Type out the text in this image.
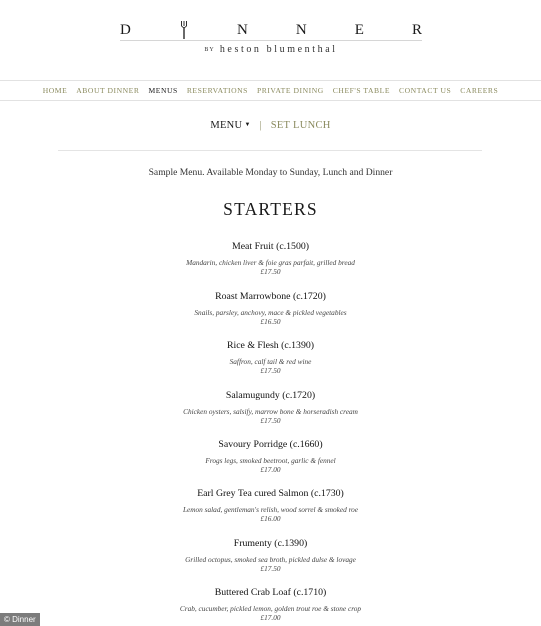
D	N	N	E	R
BY heston blumenthal
HOME ABOUT DINNER MENUS RESERVATIONS PRIVATE DINING CHEF'S TABLE CONTACT US CAREERS
MENU ▼ | SET LUNCH
Sample Menu. Available Monday to Sunday, Lunch and Dinner
STARTERS
Meat Fruit (c.1500)
Mandarin, chicken liver & foie gras parfait, grilled bread
£17.50
Roast Marrowbone (c.1720)
Snails, parsley, anchovy, mace & pickled vegetables
£16.50
Rice & Flesh (c.1390)
Saffron, calf tail & red wine
£17.50
Salamugundy (c.1720)
Chicken oysters, salsify, marrow bone & horseradish cream
£17.50
Savoury Porridge (c.1660)
Frogs legs, smoked beetroot, garlic & fennel
£17.00
Earl Grey Tea cured Salmon (c.1730)
Lemon salad, gentleman's relish, wood sorrel & smoked roe
£16.00
Frumenty (c.1390)
Grilled octopus, smoked sea broth, pickled dulse & lovage
£17.50
Buttered Crab Loaf (c.1710)
Crab, cucumber, pickled lemon, golden trout roe & stone crop
£17.00
© Dinner
